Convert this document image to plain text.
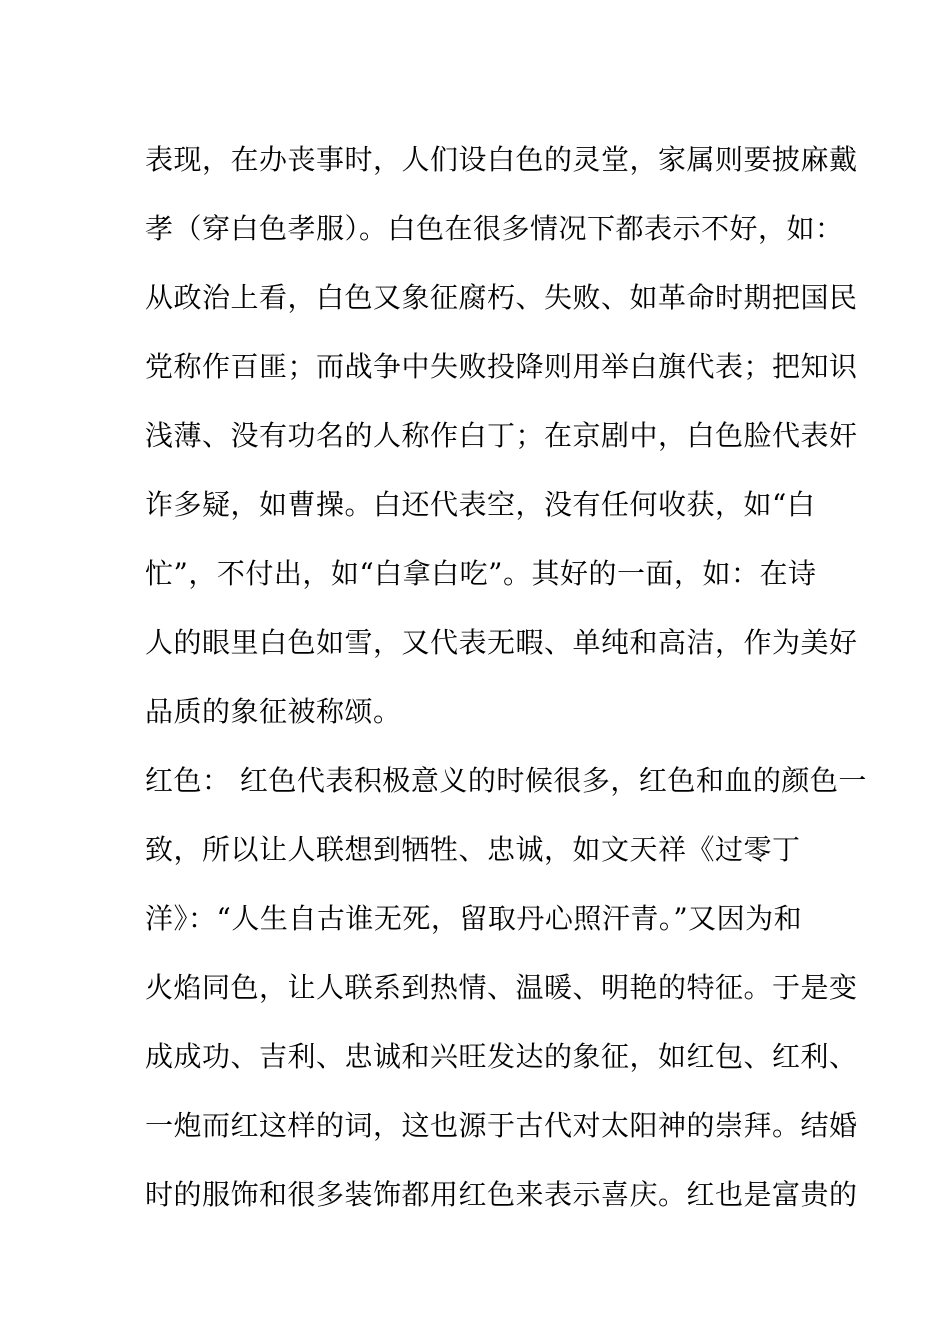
表现，在办丧事时，人们设白色的灵堂，家属则要披麻戴
孝（穿白色孝服）。白色在很多情况下都表示不好，如：
从政治上看，白色又象征腐朽、失败、如革命时期把国民
党称作百匪；而战争中失败投降则用举白旗代表；把知识
浅薄、没有功名的人称作白丁；在京剧中，白色脸代表奸
诈多疑，如曹操。白还代表空，没有任何收获，如“白
忙”，不付出，如“白拿白吃”。其好的一面，如：在诗
人的眼里白色如雪，又代表无暇、单纯和高洁，作为美好
品质的象征被称颂。
红色： 红色代表积极意义的时候很多，红色和血的颜色一
致，所以让人联想到牺牲、忠诚，如文天祥《过零丁
洋》：“人生自古谁无死，留取丹心照汗青。”又因为和
火焰同色，让人联系到热情、温暖、明艳的特征。于是变
成成功、吉利、忠诚和兴旺发达的象征，如红包、红利、
一炮而红这样的词，这也源于古代对太阳神的崇拜。结婚
时的服饰和很多装饰都用红色来表示喜庆。红也是富贵的
